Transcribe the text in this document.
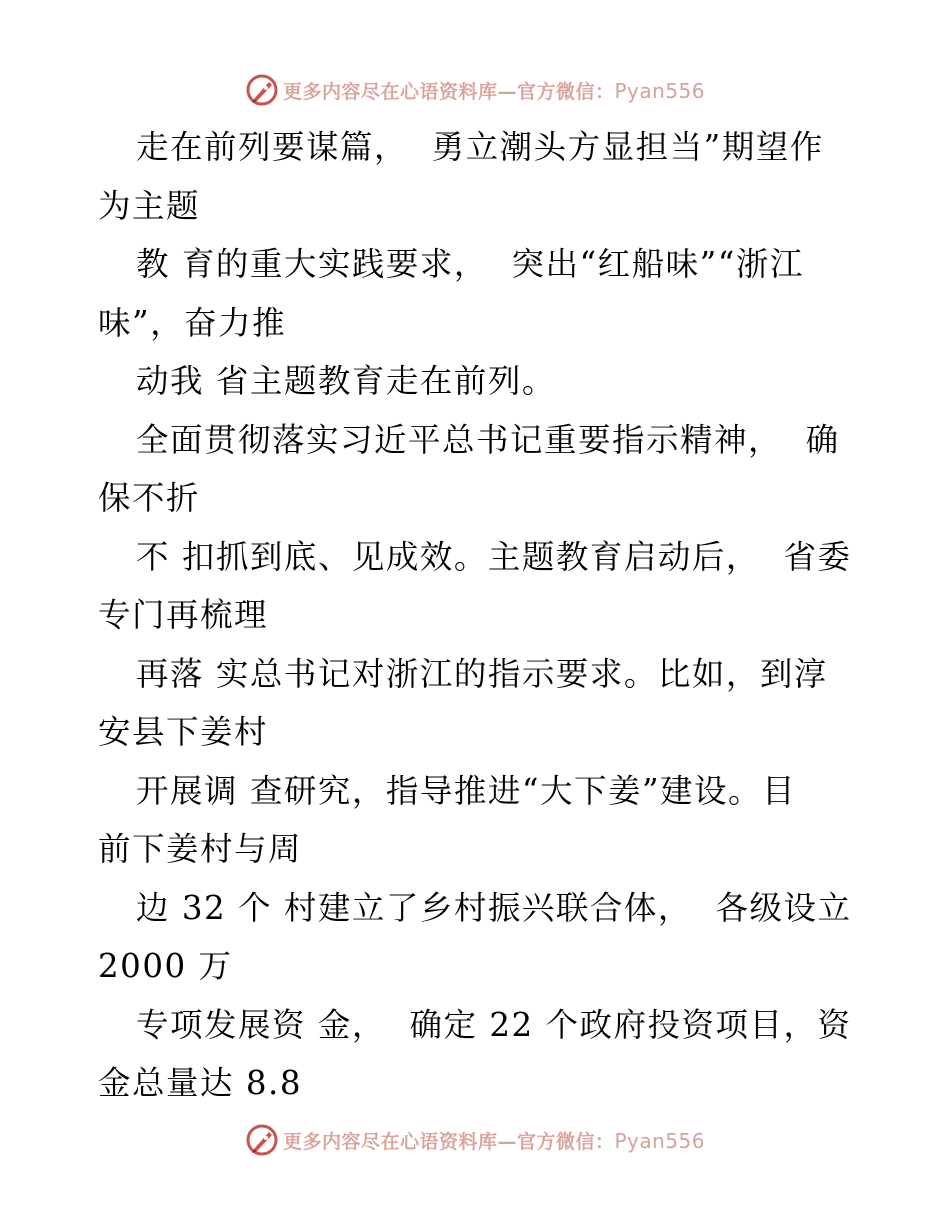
更多内容尽在心语资料库—官方微信：Pyan556
走在前列要谋篇，  勇立潮头方显担当”期望作
为主题
教 育的重大实践要求，  突出“红船味”“浙江
味”，奋力推
动我 省主题教育走在前列。
全面贯彻落实习近平总书记重要指示精神，  确
保不折
不 扣抓到底、见成效。主题教育启动后，  省委
专门再梳理
再落 实总书记对浙江的指示要求。比如，到淳
安县下姜村
开展调 查研究，指导推进“大下姜”建设。目
前下姜村与周
边 32 个 村建立了乡村振兴联合体，  各级设立
2000 万
专项发展资 金，  确定 22 个政府投资项目，资
金总量达 8.8
更多内容尽在心语资料库—官方微信：Pyan556
